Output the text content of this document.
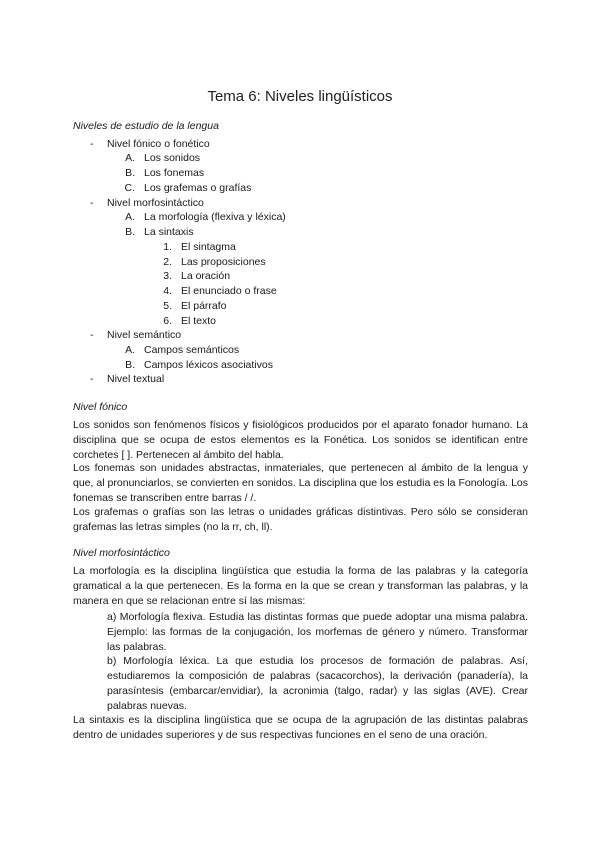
Tema 6: Niveles lingüísticos
Niveles de estudio de la lengua
- Nivel fónico o fonético
A. Los sonidos
B. Los fonemas
C. Los grafemas o grafías
- Nivel morfosintáctico
A. La morfología (flexiva y léxica)
B. La sintaxis
1. El sintagma
2. Las proposiciones
3. La oración
4. El enunciado o frase
5. El párrafo
6. El texto
- Nivel semántico
A. Campos semánticos
B. Campos léxicos asociativos
- Nivel textual
Nivel fónico
Los sonidos son fenómenos físicos y fisiológicos producidos por el aparato fonador humano. La disciplina que se ocupa de estos elementos es la Fonética. Los sonidos se identifican entre corchetes [ ]. Pertenecen al ámbito del habla.
Los fonemas son unidades abstractas, inmateriales, que pertenecen al ámbito de la lengua y que, al pronunciarlos, se convierten en sonidos. La disciplina que los estudia es la Fonología. Los fonemas se transcriben entre barras / /.
Los grafemas o grafías son las letras o unidades gráficas distintivas. Pero sólo se consideran grafemas las letras simples (no la rr, ch, ll).
Nivel morfosintáctico
La morfología es la disciplina lingüística que estudia la forma de las palabras y la categoría gramatical a la que pertenecen. Es la forma en la que se crean y transforman las palabras, y la manera en que se relacionan entre sí las mismas:
a) Morfología flexiva. Estudia las distintas formas que puede adoptar una misma palabra. Ejemplo: las formas de la conjugación, los morfemas de género y número. Transformar las palabras.
b) Morfología léxica. La que estudia los procesos de formación de palabras. Así, estudiaremos la composición de palabras (sacacorchos), la derivación (panadería), la parasíntesis (embarcar/envidiar), la acronimia (talgo, radar) y las siglas (AVE). Crear palabras nuevas.
La sintaxis es la disciplina lingüística que se ocupa de la agrupación de las distintas palabras dentro de unidades superiores y de sus respectivas funciones en el seno de una oración.
